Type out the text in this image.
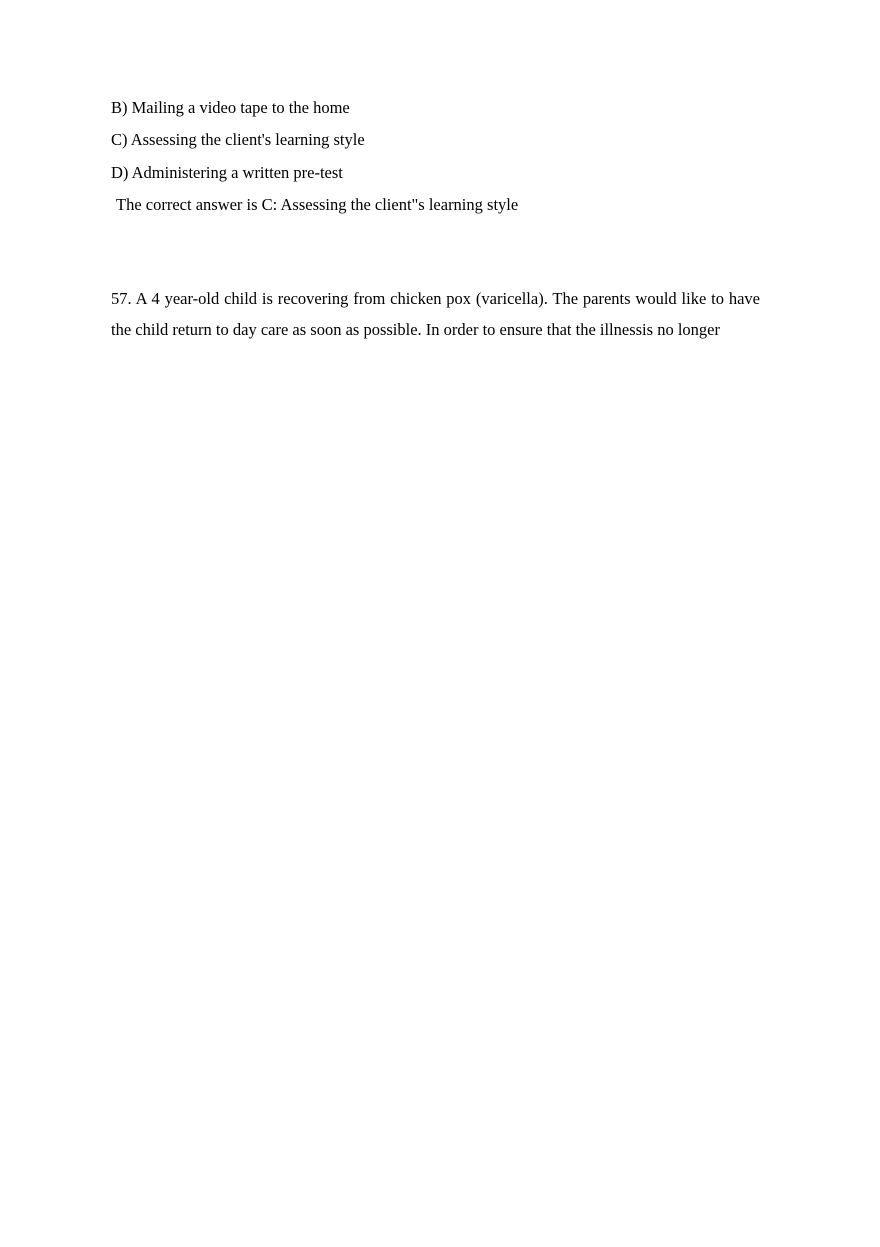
B) Mailing a video tape to the home
C) Assessing the client's learning style
D) Administering a written pre-test
The correct answer is C: Assessing the client"s learning style
57. A 4 year-old child is recovering from chicken pox (varicella). The parents would like to have the child return to day care as soon as possible. In order to ensure that the illnessis no longer
